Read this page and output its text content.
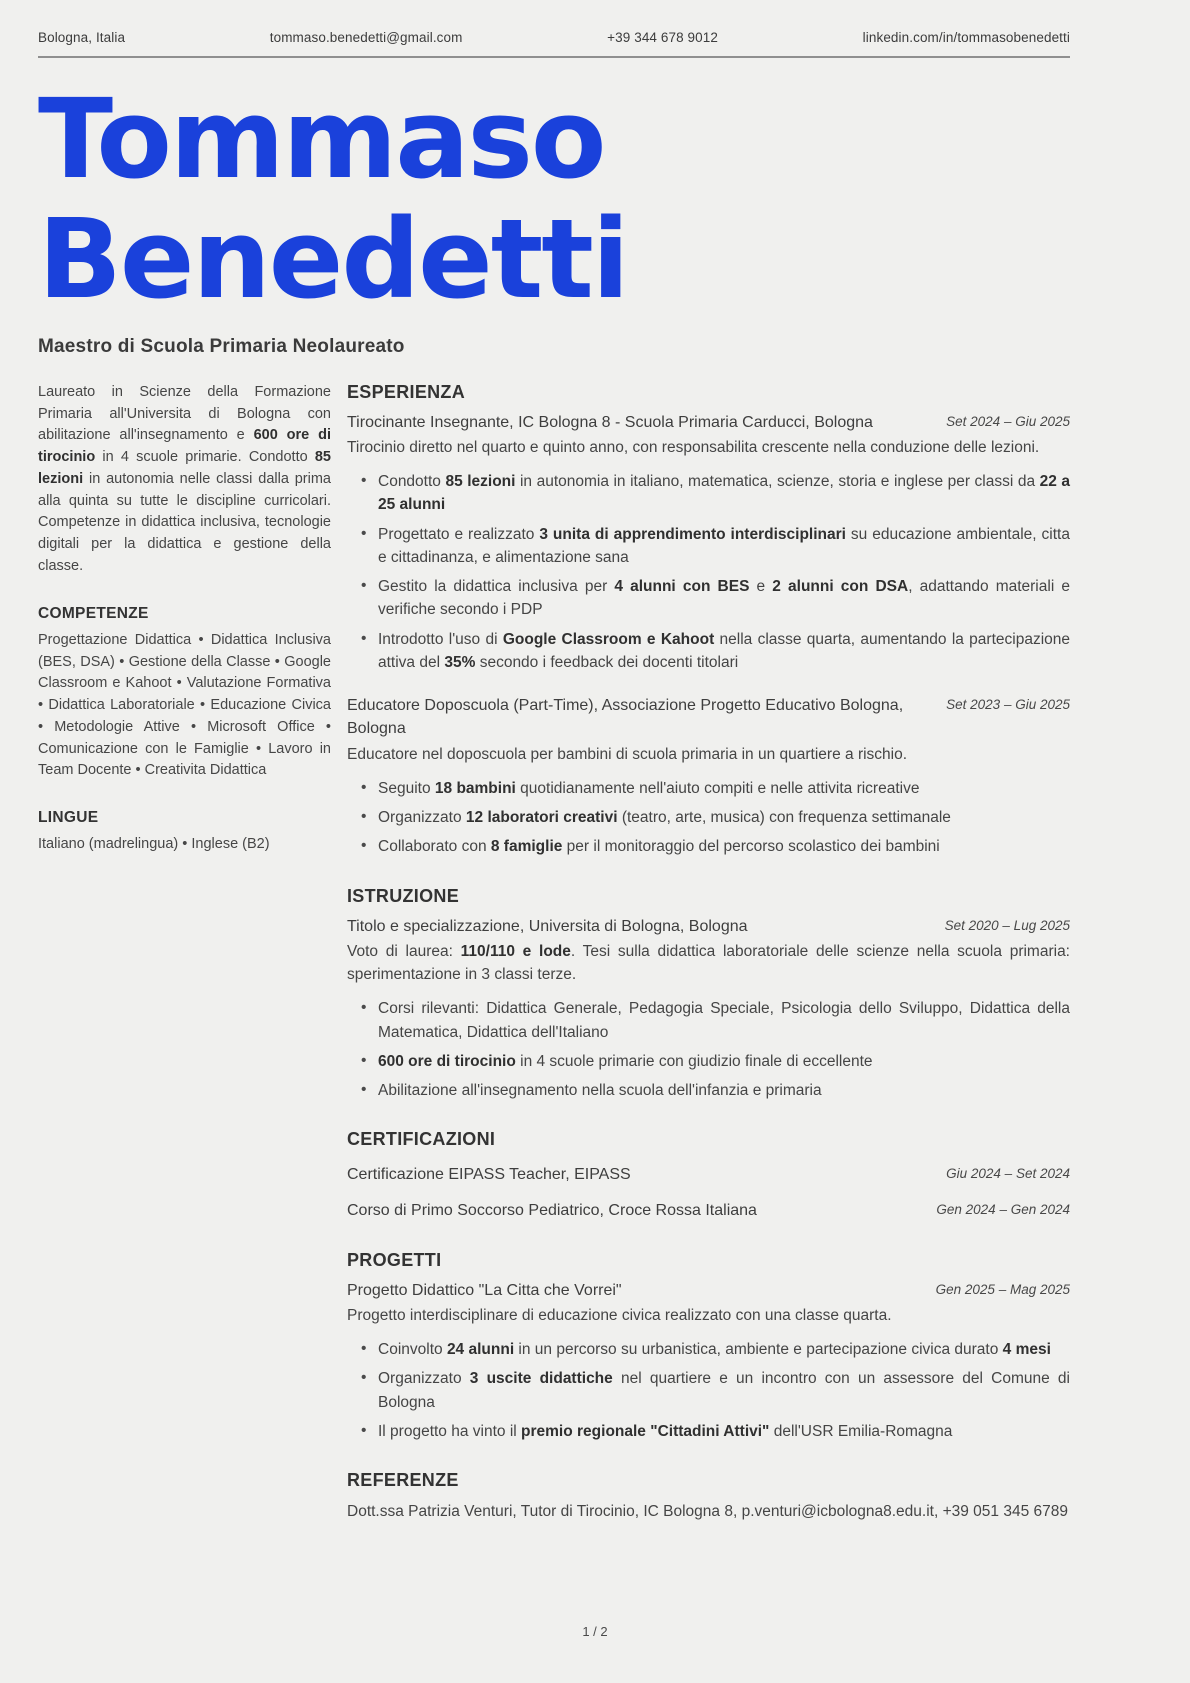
Bologna, Italia	tommaso.benedetti@gmail.com	+39 344 678 9012	linkedin.com/in/tommasobenedetti
Tommaso
Benedetti
Maestro di Scuola Primaria Neolaureato

Laureato in Scienze della Formazione Primaria all'Universita di Bologna con abilitazione all'insegnamento e 600 ore di tirocinio in 4 scuole primarie. Condotto 85 lezioni in autonomia nelle classi dalla prima alla quinta su tutte le discipline curricolari. Competenze in didattica inclusiva, tecnologie digitali per la didattica e gestione della classe.

COMPETENZE

Progettazione Didattica • Didattica Inclusiva (BES, DSA) • Gestione della Classe • Google Classroom e Kahoot • Valutazione Formativa • Didattica Laboratoriale • Educazione Civica • Metodologie Attive • Microsoft Office • Comunicazione con le Famiglie • Lavoro in Team Docente • Creativita Didattica

LINGUE

Italiano (madrelingua) • Inglese (B2)

ESPERIENZA
Tirocinante Insegnante, IC Bologna 8 - Scuola Primaria Carducci, Bologna	Set 2024 – Giu 2025

Tirocinio diretto nel quarto e quinto anno, con responsabilita crescente nella conduzione delle lezioni.

• Condotto 85 lezioni in autonomia in italiano, matematica, scienze, storia e inglese per classi da 22 a 25 alunni
• Progettato e realizzato 3 unita di apprendimento interdisciplinari su educazione ambientale, citta e cittadinanza, e alimentazione sana
• Gestito la didattica inclusiva per 4 alunni con BES e 2 alunni con DSA, adattando materiali e verifiche secondo i PDP
• Introdotto l'uso di Google Classroom e Kahoot nella classe quarta, aumentando la partecipazione attiva del 35% secondo i feedback dei docenti titolari
Educatore Doposcuola (Part-Time), Associazione Progetto Educativo Bologna, Bologna
Set 2023 – Giu 2025

Educatore nel doposcuola per bambini di scuola primaria in un quartiere a rischio.

• Seguito 18 bambini quotidianamente nell'aiuto compiti e nelle attivita ricreative
• Organizzato 12 laboratori creativi (teatro, arte, musica) con frequenza settimanale
• Collaborato con 8 famiglie per il monitoraggio del percorso scolastico dei bambini
ISTRUZIONE
Titolo e specializzazione, Universita di Bologna, Bologna	Set 2020 – Lug 2025

Voto di laurea: 110/110 e lode. Tesi sulla didattica laboratoriale delle scienze nella scuola primaria: sperimentazione in 3 classi terze.

• Corsi rilevanti: Didattica Generale, Pedagogia Speciale, Psicologia dello Sviluppo, Didattica della Matematica, Didattica dell'Italiano
• 600 ore di tirocinio in 4 scuole primarie con giudizio finale di eccellente
• Abilitazione all'insegnamento nella scuola dell'infanzia e primaria
CERTIFICAZIONI
Certificazione EIPASS Teacher, EIPASS	Giu 2024 – Set 2024
Corso di Primo Soccorso Pediatrico, Croce Rossa Italiana	Gen 2024 – Gen 2024
PROGETTI
Progetto Didattico "La Citta che Vorrei"	Gen 2025 – Mag 2025

Progetto interdisciplinare di educazione civica realizzato con una classe quarta.

• Coinvolto 24 alunni in un percorso su urbanistica, ambiente e partecipazione civica durato 4 mesi
• Organizzato 3 uscite didattiche nel quartiere e un incontro con un assessore del Comune di Bologna
• Il progetto ha vinto il premio regionale "Cittadini Attivi" dell'USR Emilia-Romagna
REFERENZE

Dott.ssa Patrizia Venturi, Tutor di Tirocinio, IC Bologna 8, p.venturi@icbologna8.edu.it, +39 051 345 6789

1 / 2
